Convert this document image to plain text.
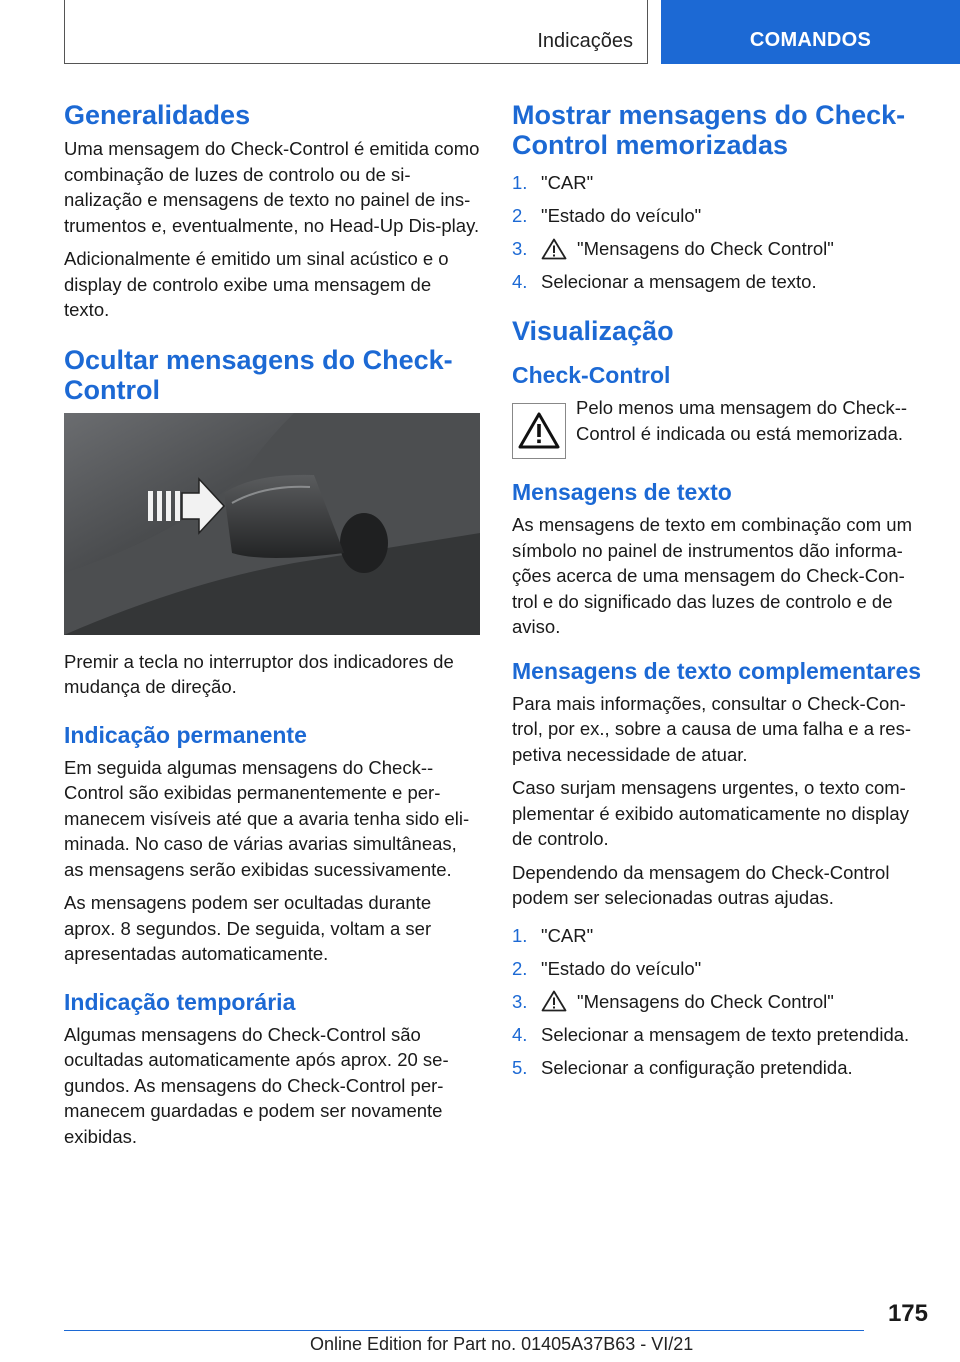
Indicações	COMANDOS
Generalidades

Uma mensagem do Check-Control é emitida como combinação de luzes de controlo ou de si-nalização e mensagens de texto no painel de ins-trumentos e, eventualmente, no Head-Up Dis-play.

Adicionalmente é emitido um sinal acústico e o display de controlo exibe uma mensagem de texto.

Ocultar mensagens do Check-Control

Premir a tecla no interruptor dos indicadores de mudança de direção.

Indicação permanente

Em seguida algumas mensagens do Check--Control são exibidas permanentemente e per-manecem visíveis até que a avaria tenha sido eli-minada. No caso de várias avarias simultâneas, as mensagens serão exibidas sucessivamente.

As mensagens podem ser ocultadas durante aprox. 8 segundos. De seguida, voltam a ser apresentadas automaticamente.

Indicação temporária

Algumas mensagens do Check-Control são ocultadas automaticamente após aprox. 20 se-gundos. As mensagens do Check-Control per-manecem guardadas e podem ser novamente exibidas.

Mostrar mensagens do Check-Control memorizadas
1. "CAR"
2. "Estado do veículo"
3.	"Mensagens do Check Control"
4. Selecionar a mensagem de texto.
Visualização
Check-Control
Pelo menos uma mensagem do Check--Control é indicada ou está memorizada.
Mensagens de texto

As mensagens de texto em combinação com um símbolo no painel de instrumentos dão informa-ções acerca de uma mensagem do Check-Con-trol e do significado das luzes de controlo e de aviso.

Mensagens de texto complementares

Para mais informações, consultar o Check-Con-trol, por ex., sobre a causa de uma falha e a res-petiva necessidade de atuar.

Caso surjam mensagens urgentes, o texto com-plementar é exibido automaticamente no display de controlo.

Dependendo da mensagem do Check-Control podem ser selecionadas outras ajudas.

1. "CAR"
2. "Estado do veículo"
3.	"Mensagens do Check Control"
4. Selecionar a mensagem de texto pretendida.
5. Selecionar a configuração pretendida.
175
Online Edition for Part no. 01405A37B63 - VI/21
